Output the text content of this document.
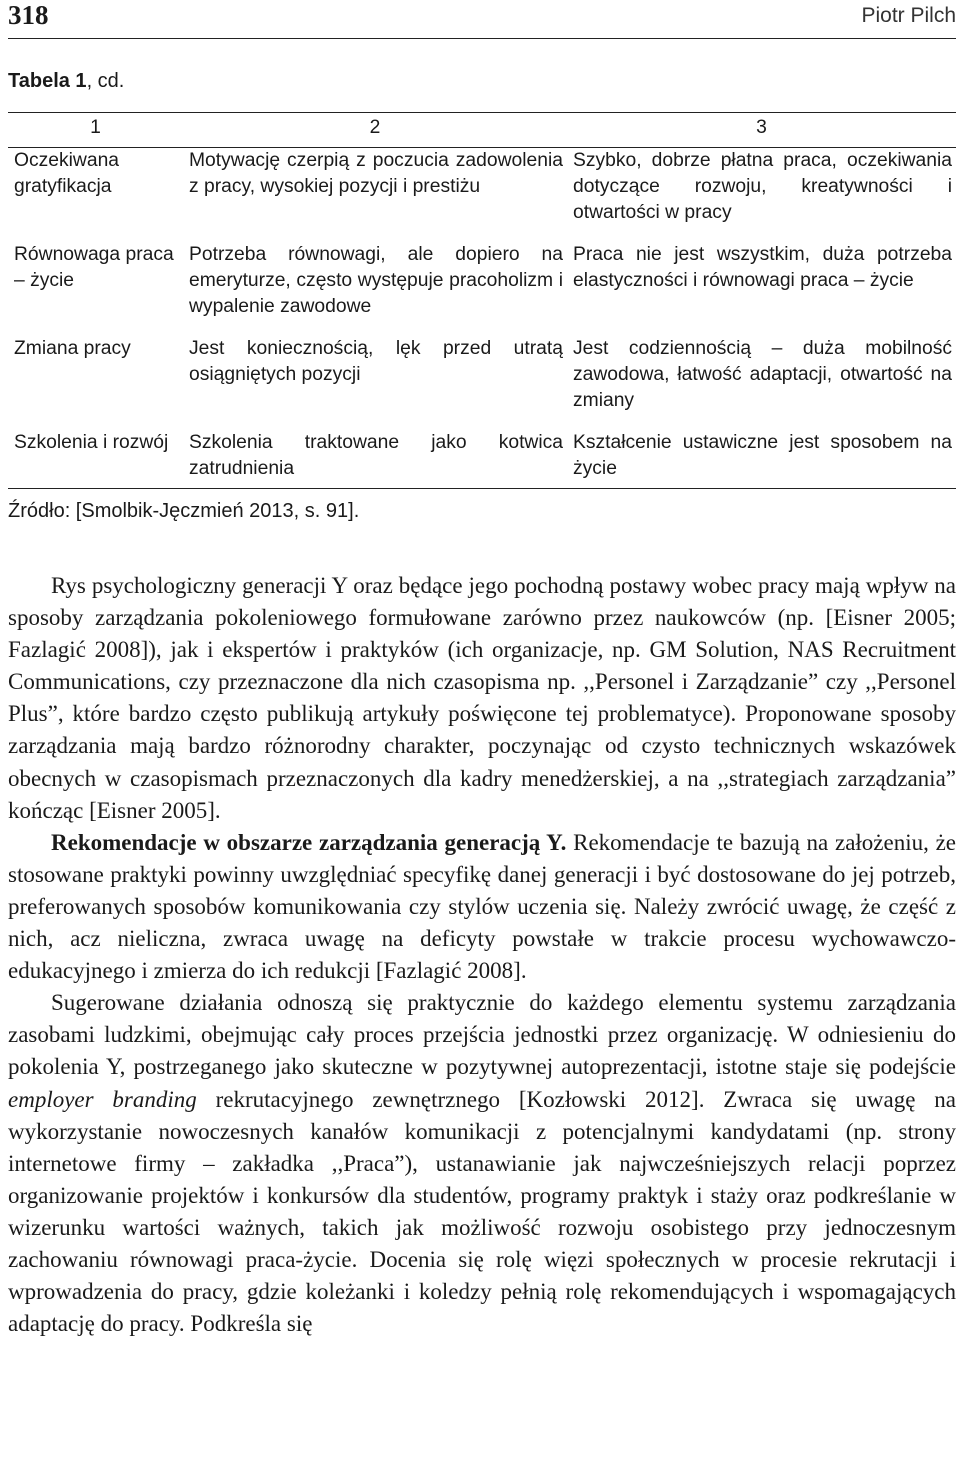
318	Piotr Pilch
Tabela 1, cd.
1	2	3
Oczekiwana gratyfikacja	Motywację czerpią z poczucia zadowolenia z pracy, wysokiej pozycji i prestiżu	Szybko, dobrze płatna praca, oczekiwania dotyczące rozwoju, kreatywności i otwartości w pracy
Równowaga praca – życie	Potrzeba równowagi, ale dopiero na emeryturze, często występuje pracoholizm i wypalenie zawodowe	Praca nie jest wszystkim, duża potrzeba elastyczności i równowagi praca – życie
Zmiana pracy	Jest koniecznością, lęk przed utratą osiągniętych pozycji	Jest codziennością – duża mobilność zawodowa, łatwość adaptacji, otwartość na zmiany
Szkolenia i rozwój	Szkolenia traktowane jako kotwica zatrudnienia	Kształcenie ustawiczne jest sposobem na życie
Źródło: [Smolbik-Jęczmień 2013, s. 91].

Rys psychologiczny generacji Y oraz będące jego pochodną postawy wobec pracy mają wpływ na sposoby zarządzania pokoleniowego formułowane zarówno przez naukowców (np. [Eisner 2005; Fazlagić 2008]), jak i ekspertów i praktyków (ich organizacje, np. GM Solution, NAS Recruitment Communications, czy przeznaczone dla nich czasopisma np. ,,Personel i Zarządzanie” czy ,,Personel Plus”, które bardzo często publikują artykuły poświęcone tej problematyce). Proponowane sposoby zarządzania mają bardzo różnorodny charakter, poczynając od czysto technicznych wskazówek obecnych w czasopismach przeznaczonych dla kadry menedżerskiej, a na ,,strategiach zarządzania” kończąc [Eisner 2005].

Rekomendacje w obszarze zarządzania generacją Y. Rekomendacje te bazują na założeniu, że stosowane praktyki powinny uwzględniać specyfikę danej generacji i być dostosowane do jej potrzeb, preferowanych sposobów komunikowania czy stylów uczenia się. Należy zwrócić uwagę, że część z nich, acz nieliczna, zwraca uwagę na deficyty powstałe w trakcie procesu wychowawczo-edukacyjnego i zmierza do ich redukcji [Fazlagić 2008].

Sugerowane działania odnoszą się praktycznie do każdego elementu systemu zarządzania zasobami ludzkimi, obejmując cały proces przejścia jednostki przez organizację. W odniesieniu do pokolenia Y, postrzeganego jako skuteczne w pozytywnej autoprezentacji, istotne staje się podejście employer branding rekrutacyjnego zewnętrznego [Kozłowski 2012]. Zwraca się uwagę na wykorzystanie nowoczesnych kanałów komunikacji z potencjalnymi kandydatami (np. strony internetowe firmy – zakładka ,,Praca”), ustanawianie jak najwcześniejszych relacji poprzez organizowanie projektów i konkursów dla studentów, programy praktyk i staży oraz podkreślanie w wizerunku wartości ważnych, takich jak możliwość rozwoju osobistego przy jednoczesnym zachowaniu równowagi praca-życie. Docenia się rolę więzi społecznych w procesie rekrutacji i wprowadzenia do pracy, gdzie koleżanki i koledzy pełnią rolę rekomendujących i wspomagających adaptację do pracy. Podkreśla się
